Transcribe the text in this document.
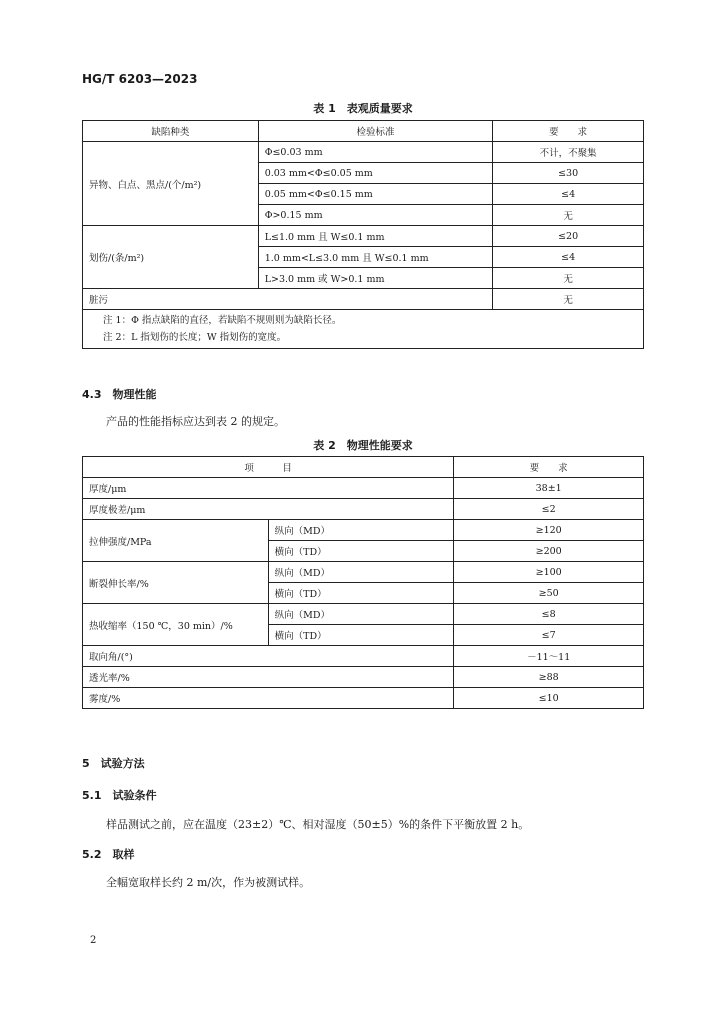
HG/T 6203—2023
表 1　表观质量要求
缺陷种类	检验标准	要　　求
异物、白点、黑点/(个/m²)	Φ≤0.03 mm	不计，不聚集
	0.03 mm<Φ≤0.05 mm	≤30
	0.05 mm<Φ≤0.15 mm	≤4
	Φ>0.15 mm	无
划伤/(条/m²)	L≤1.0 mm 且 W≤0.1 mm	≤20
	1.0 mm<L≤3.0 mm 且 W≤0.1 mm	≤4
	L>3.0 mm 或 W>0.1 mm	无
脏污		无

注 1：Φ 指点缺陷的直径，若缺陷不规则则为缺陷长径。
注 2：L 指划伤的长度；W 指划伤的宽度。		
4.3　物理性能
产品的性能指标应达到表 2 的规定。
表 2　物理性能要求
项　　　目		要　　求
厚度/μm		38±1
厚度极差/μm		≤2
拉伸强度/MPa	纵向（MD）	≥120
	横向（TD）	≥200
断裂伸长率/%	纵向（MD）	≥100
	横向（TD）	≥50
热收缩率（150 ℃，30 min）/%	纵向（MD）	≤8
	横向（TD）	≤7
取向角/(°)		－11～11
透光率/%		≥88
雾度/%		≤10
5　试验方法
5.1　试验条件
样品测试之前，应在温度（23±2）℃、相对湿度（50±5）%的条件下平衡放置 2 h。
5.2　取样
全幅宽取样长约 2 m/次，作为被测试样。
2
